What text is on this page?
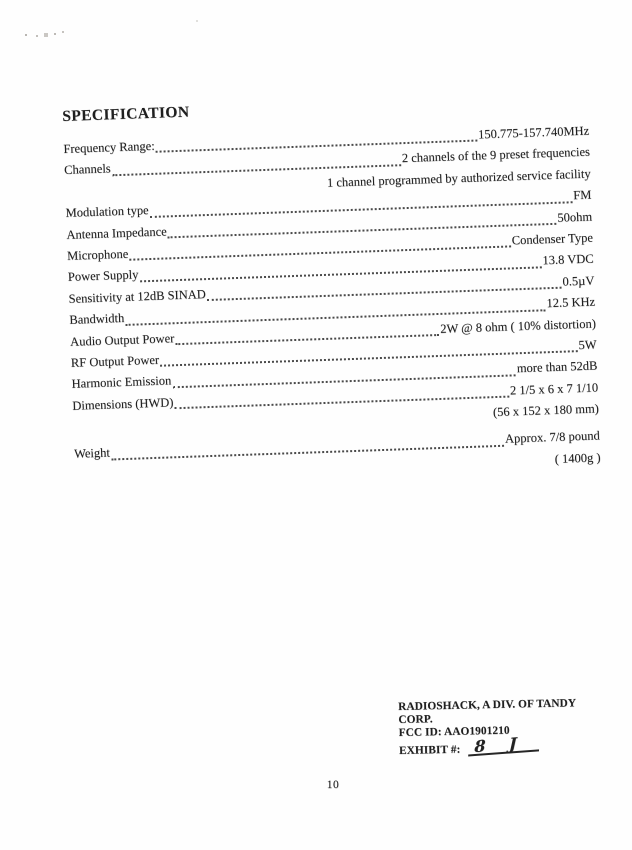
SPECIFICATION
Frequency Range:
150.775-157.740MHz
Channels
2 channels of the 9 preset frequencies
1 channel programmed by authorized service facility
Modulation type
FM
Antenna Impedance
50ohm
Microphone
Condenser Type
Power Supply
13.8 VDC
Sensitivity at 12dB SINAD
0.5µV
Bandwidth
12.5 KHz
Audio Output Power
2W @ 8 ohm ( 10% distortion)
RF Output Power
5W
Harmonic Emission
more than 52dB
Dimensions (HWD)
2 1/5 x 6 x 7 1/10
(56 x 152 x 180 mm)
Weight
Approx. 7/8 pound
( 1400g )
RADIOSHACK, A DIV. OF TANDY
CORP.
FCC ID: AAO1901210
EXHIBIT #: 8 J
10
